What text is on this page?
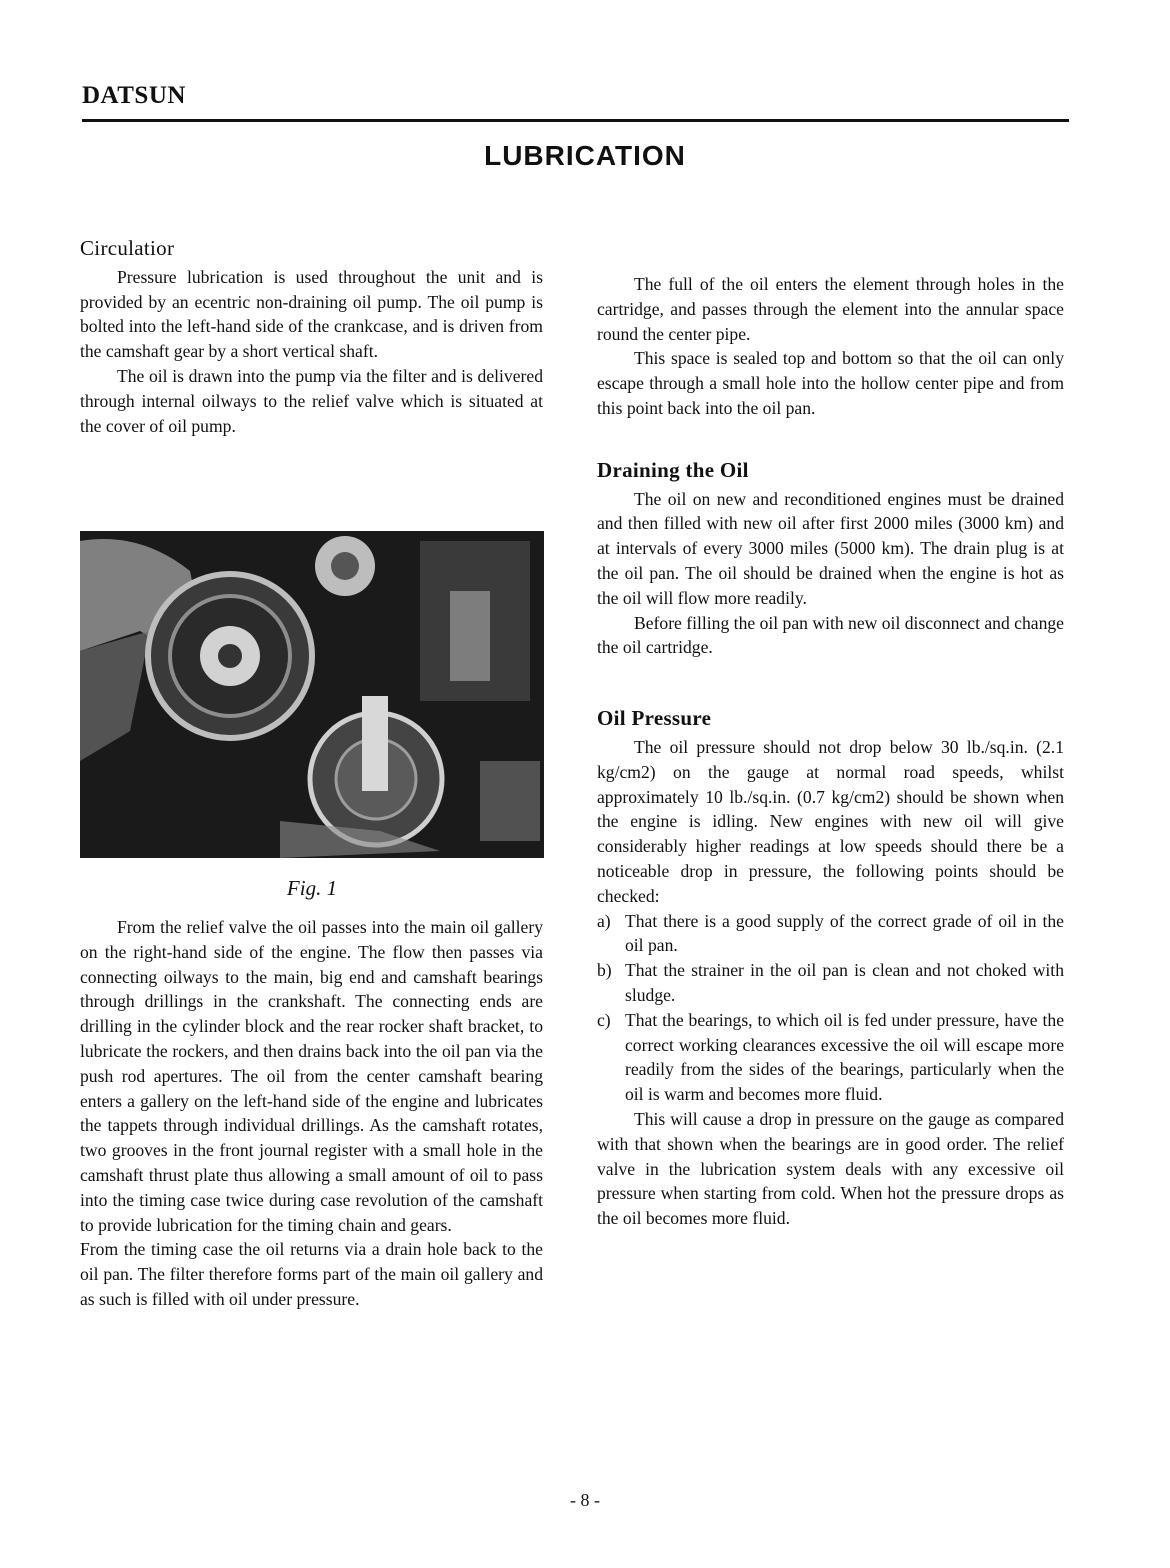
DATSUN
LUBRICATION
Circulatior

Pressure lubrication is used throughout the unit and is provided by an ecentric non-draining oil pump. The oil pump is bolted into the left-hand side of the crankcase, and is driven from the camshaft gear by a short vertical shaft.

The oil is drawn into the pump via the filter and is delivered through internal oilways to the relief valve which is situated at the cover of oil pump.

Fig. 1

From the relief valve the oil passes into the main oil gallery on the right-hand side of the engine. The flow then passes via connecting oilways to the main, big end and camshaft bearings through drillings in the crankshaft. The connecting ends are drilling in the cylinder block and the rear rocker shaft bracket, to lubricate the rockers, and then drains back into the oil pan via the push rod apertures. The oil from the center camshaft bearing enters a gallery on the left-hand side of the engine and lubricates the tappets through individual drillings. As the camshaft rotates, two grooves in the front journal register with a small hole in the camshaft thrust plate thus allowing a small amount of oil to pass into the timing case twice during case revolution of the camshaft to provide lubrication for the timing chain and gears.

From the timing case the oil returns via a drain hole back to the oil pan. The filter therefore forms part of the main oil gallery and as such is filled with oil under pressure.

The full of the oil enters the element through holes in the cartridge, and passes through the element into the annular space round the center pipe.

This space is sealed top and bottom so that the oil can only escape through a small hole into the hollow center pipe and from this point back into the oil pan.

Draining the Oil

The oil on new and reconditioned engines must be drained and then filled with new oil after first 2000 miles (3000 km) and at intervals of every 3000 miles (5000 km). The drain plug is at the oil pan. The oil should be drained when the engine is hot as the oil will flow more readily.

Before filling the oil pan with new oil disconnect and change the oil cartridge.

Oil Pressure

The oil pressure should not drop below 30 lb./sq.in. (2.1 kg/cm2) on the gauge at normal road speeds, whilst approximately 10 lb./sq.in. (0.7 kg/cm2) should be shown when the engine is idling. New engines with new oil will give considerably higher readings at low speeds should there be a noticeable drop in pressure, the following points should be checked:

a) That there is a good supply of the correct grade of oil in the oil pan.
b) That the strainer in the oil pan is clean and not choked with sludge.
c) That the bearings, to which oil is fed under pressure, have the correct working clearances excessive the oil will escape more readily from the sides of the bearings, particularly when the oil is warm and becomes more fluid.

This will cause a drop in pressure on the gauge as compared with that shown when the bearings are in good order. The relief valve in the lubrication system deals with any excessive oil pressure when starting from cold. When hot the pressure drops as the oil becomes more fluid.

- 8 -
